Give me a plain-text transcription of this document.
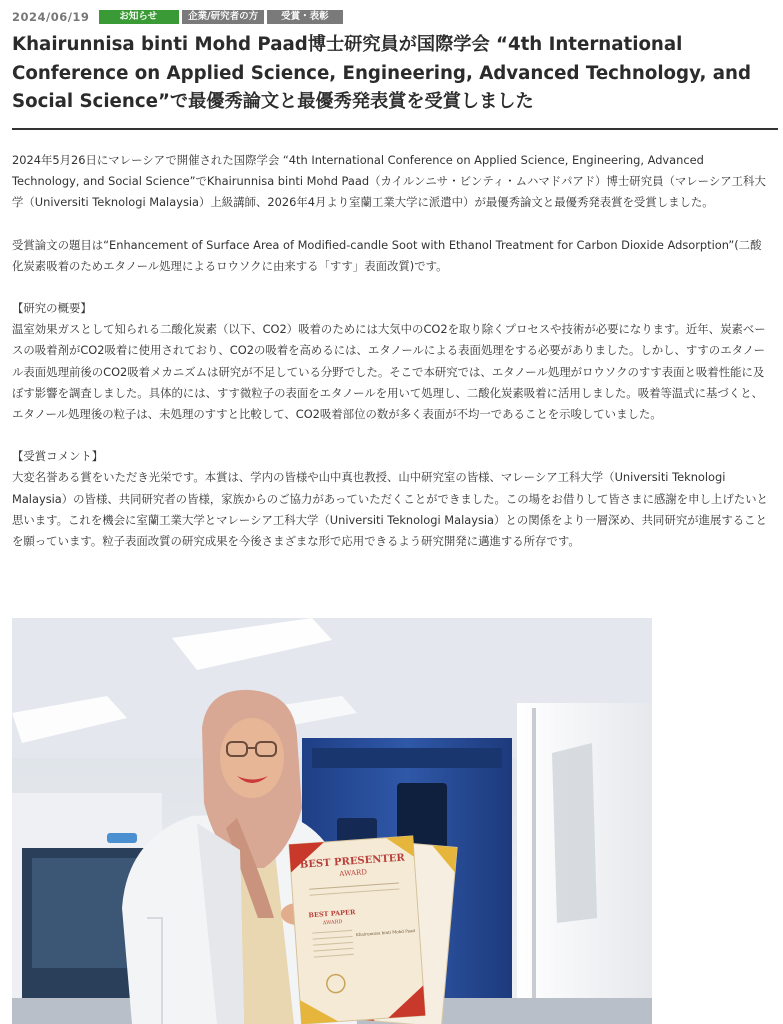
2024/06/19	お知らせ	企業/研究者の方	受賞・表彰
Khairunnisa binti Mohd Paad博士研究員が国際学会 “4th International Conference on Applied Science, Engineering, Advanced Technology, and Social Science”で最優秀論文と最優秀発表賞を受賞しました

2024年5月26日にマレーシアで開催された国際学会 “4th International Conference on Applied Science, Engineering, Advanced Technology, and Social Science”でKhairunnisa binti Mohd Paad（カイルンニサ・ビンティ・ムハマドパアド）博士研究員（マレーシア工科大学（Universiti Teknologi Malaysia）上級講師、2026年4月より室蘭工業大学に派遣中）が最優秀論文と最優秀発表賞を受賞しました。

受賞論文の題目は“Enhancement of Surface Area of Modified-candle Soot with Ethanol Treatment for Carbon Dioxide Adsorption”(二酸化炭素吸着のためエタノール処理によるロウソクに由来する「すす」表面改質)です。

【研究の概要】

温室効果ガスとして知られる二酸化炭素（以下、CO2）吸着のためには大気中のCO2を取り除くプロセスや技術が必要になります。近年、炭素ベースの吸着剤がCO2吸着に使用されており、CO2の吸着を高めるには、エタノールによる表面処理をする必要がありました。しかし、すすのエタノール表面処理前後のCO2吸着メカニズムは研究が不足している分野でした。そこで本研究では、エタノール処理がロウソクのすす表面と吸着性能に及ぼす影響を調査しました。具体的には、すす微粒子の表面をエタノールを用いて処理し、二酸化炭素吸着に活用しました。吸着等温式に基づくと、エタノール処理後の粒子は、未処理のすすと比較して、CO2吸着部位の数が多く表面が不均一であることを示唆していました。

【受賞コメント】

大変名誉ある賞をいただき光栄です。本賞は、学内の皆様や山中真也教授、山中研究室の皆様、マレーシア工科大学（Universiti Teknologi Malaysia）の皆様、共同研究者の皆様，家族からのご協力があっていただくことができました。この場をお借りして皆さまに感謝を申し上げたいと思います。これを機会に室蘭工業大学とマレーシア工科大学（Universiti Teknologi Malaysia）との関係をより一層深め、共同研究が進展することを願っています。粒子表面改質の研究成果を今後さまざまな形で応用できるよう研究開発に邁進する所存です。

BEST PRESENTER
AWARD
BEST PAPER
AWARD
Khairunnisa binti Mohd Paad
